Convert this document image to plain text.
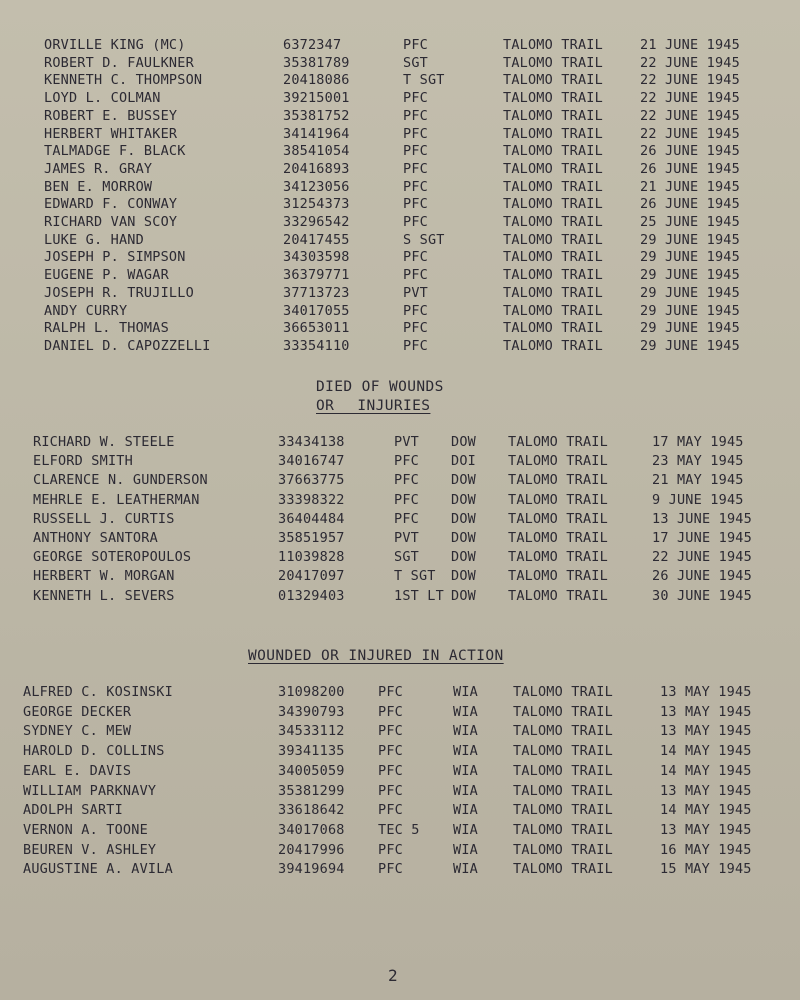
ORVILLE KING (MC)	6372347	PFC	TALOMO TRAIL	21 JUNE 1945
ROBERT D. FAULKNER	35381789	SGT	TALOMO TRAIL	22 JUNE 1945
KENNETH C. THOMPSON	20418086	T SGT	TALOMO TRAIL	22 JUNE 1945
LOYD L. COLMAN	39215001	PFC	TALOMO TRAIL	22 JUNE 1945
ROBERT E. BUSSEY	35381752	PFC	TALOMO TRAIL	22 JUNE 1945
HERBERT WHITAKER	34141964	PFC	TALOMO TRAIL	22 JUNE 1945
TALMADGE F. BLACK	38541054	PFC	TALOMO TRAIL	26 JUNE 1945
JAMES R. GRAY	20416893	PFC	TALOMO TRAIL	26 JUNE 1945
BEN E. MORROW	34123056	PFC	TALOMO TRAIL	21 JUNE 1945
EDWARD F. CONWAY	31254373	PFC	TALOMO TRAIL	26 JUNE 1945
RICHARD VAN SCOY	33296542	PFC	TALOMO TRAIL	25 JUNE 1945
LUKE G. HAND	20417455	S SGT	TALOMO TRAIL	29 JUNE 1945
JOSEPH P. SIMPSON	34303598	PFC	TALOMO TRAIL	29 JUNE 1945
EUGENE P. WAGAR	36379771	PFC	TALOMO TRAIL	29 JUNE 1945
JOSEPH R. TRUJILLO	37713723	PVT	TALOMO TRAIL	29 JUNE 1945
ANDY CURRY	34017055	PFC	TALOMO TRAIL	29 JUNE 1945
RALPH L. THOMAS	36653011	PFC	TALOMO TRAIL	29 JUNE 1945
DANIEL D. CAPOZZELLI	33354110	PFC	TALOMO TRAIL	29 JUNE 1945
DIED OF WOUNDS
OR INJURIES
RICHARD W. STEELE	33434138	PVT DOW TALOMO TRAIL	17 MAY 1945
ELFORD SMITH	34016747	PFC DOI TALOMO TRAIL	23 MAY 1945
CLARENCE N. GUNDERSON	37663775	PFC DOW TALOMO TRAIL	21 MAY 1945
MEHRLE E. LEATHERMAN	33398322	PFC DOW TALOMO TRAIL	9 JUNE 1945
RUSSELL J. CURTIS	36404484	PFC DOW TALOMO TRAIL	13 JUNE 1945
ANTHONY SANTORA	35851957	PVT DOW TALOMO TRAIL	17 JUNE 1945
GEORGE SOTEROPOULOS	11039828	SGT DOW TALOMO TRAIL	22 JUNE 1945
HERBERT W. MORGAN	20417097	T SGT DOW TALOMO TRAIL	26 JUNE 1945
KENNETH L. SEVERS	01329403	1ST LT DOW TALOMO TRAIL	30 JUNE 1945
WOUNDED OR INJURED IN ACTION
ALFRED C. KOSINSKI	31098200 PFC	WIA	TALOMO TRAIL	13 MAY 1945
GEORGE DECKER	34390793 PFC	WIA	TALOMO TRAIL	13 MAY 1945
SYDNEY C. MEW	34533112 PFC	WIA	TALOMO TRAIL	13 MAY 1945
HAROLD D. COLLINS	39341135 PFC	WIA	TALOMO TRAIL	14 MAY 1945
EARL E. DAVIS	34005059 PFC	WIA	TALOMO TRAIL	14 MAY 1945
WILLIAM PARKNAVY	35381299 PFC	WIA	TALOMO TRAIL	13 MAY 1945
ADOLPH SARTI	33618642 PFC	WIA	TALOMO TRAIL	14 MAY 1945
VERNON A. TOONE	34017068 TEC 5 WIA	TALOMO TRAIL	13 MAY 1945
BEUREN V. ASHLEY	20417996 PFC	WIA	TALOMO TRAIL	16 MAY 1945
AUGUSTINE A. AVILA	39419694 PFC	WIA	TALOMO TRAIL	15 MAY 1945
2
